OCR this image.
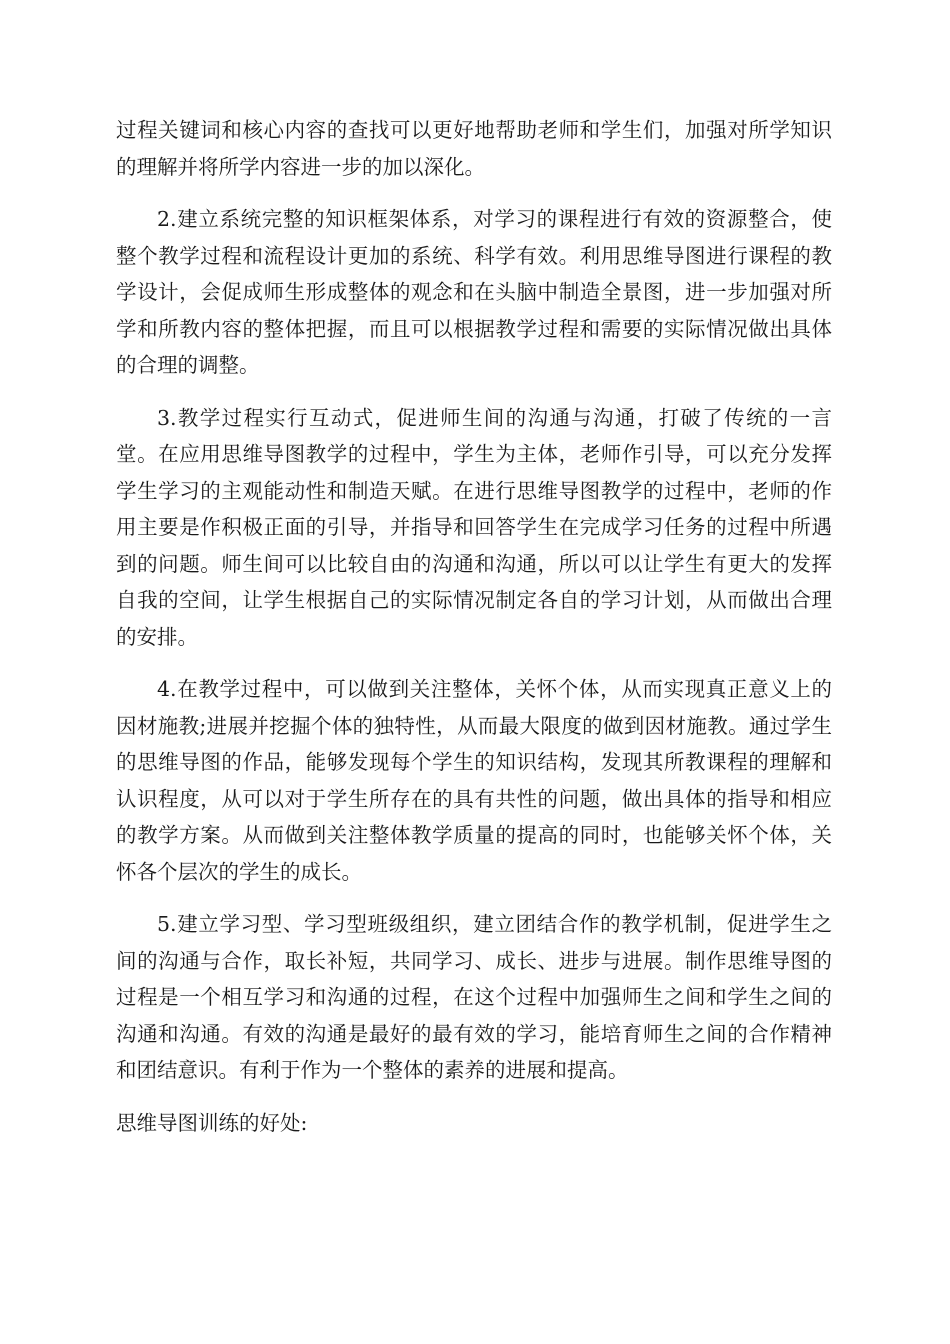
过程关键词和核心内容的查找可以更好地帮助老师和学生们，加强对所学知识的理解并将所学内容进一步的加以深化。

2.建立系统完整的知识框架体系，对学习的课程进行有效的资源整合，使整个教学过程和流程设计更加的系统、科学有效。利用思维导图进行课程的教学设计，会促成师生形成整体的观念和在头脑中制造全景图，进一步加强对所学和所教内容的整体把握，而且可以根据教学过程和需要的实际情况做出具体的合理的调整。

3.教学过程实行互动式，促进师生间的沟通与沟通，打破了传统的一言堂。在应用思维导图教学的过程中，学生为主体，老师作引导，可以充分发挥学生学习的主观能动性和制造天赋。在进行思维导图教学的过程中，老师的作用主要是作积极正面的引导，并指导和回答学生在完成学习任务的过程中所遇到的问题。师生间可以比较自由的沟通和沟通，所以可以让学生有更大的发挥自我的空间，让学生根据自己的实际情况制定各自的学习计划，从而做出合理的安排。

4.在教学过程中，可以做到关注整体，关怀个体，从而实现真正意义上的因材施教;进展并挖掘个体的独特性，从而最大限度的做到因材施教。通过学生的思维导图的作品，能够发现每个学生的知识结构，发现其所教课程的理解和认识程度，从可以对于学生所存在的具有共性的问题，做出具体的指导和相应的教学方案。从而做到关注整体教学质量的提高的同时，也能够关怀个体，关怀各个层次的学生的成长。

5.建立学习型、学习型班级组织，建立团结合作的教学机制，促进学生之间的沟通与合作，取长补短，共同学习、成长、进步与进展。制作思维导图的过程是一个相互学习和沟通的过程，在这个过程中加强师生之间和学生之间的沟通和沟通。有效的沟通是最好的最有效的学习，能培育师生之间的合作精神和团结意识。有利于作为一个整体的素养的进展和提高。

思维导图训练的好处:
